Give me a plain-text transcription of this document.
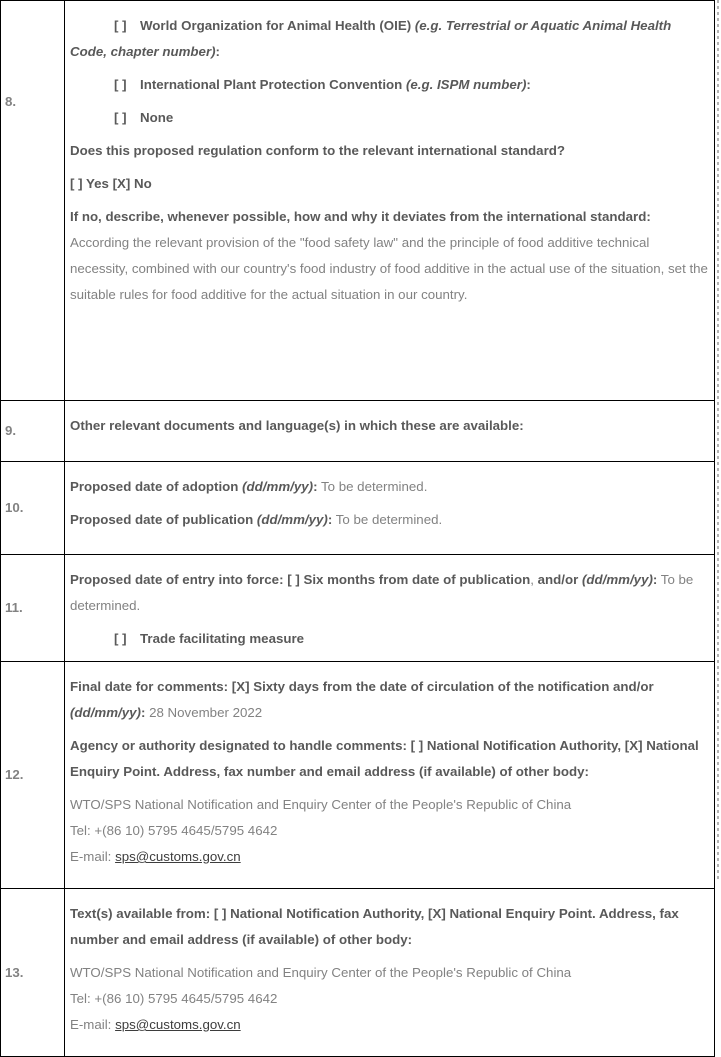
8.	

[ ] World Organization for Animal Health (OIE) (e.g. Terrestrial or Aquatic Animal Health Code, chapter number):

[ ] International Plant Protection Convention (e.g. ISPM number):

[ ] None

Does this proposed regulation conform to the relevant international standard?

[ ] Yes [X] No

If no, describe, whenever possible, how and why it deviates from the international standard: According the relevant provision of the "food safety law" and the principle of food additive technical necessity, combined with our country's food industry of food additive in the actual use of the situation, set the suitable rules for food additive for the actual situation in our country.

9.	Other relevant documents and language(s) in which these are available:

10.	Proposed date of adoption (dd/mm/yy): To be determined.

Proposed date of publication (dd/mm/yy): To be determined.

11.	Proposed date of entry into force: [ ] Six months from date of publication, and/or (dd/mm/yy): To be determined.

[ ] Trade facilitating measure

12.	Final date for comments: [X] Sixty days from the date of circulation of the notification and/or (dd/mm/yy): 28 November 2022

Agency or authority designated to handle comments: [ ] National Notification Authority, [X] National Enquiry Point. Address, fax number and email address (if available) of other body:

WTO/SPS National Notification and Enquiry Center of the People's Republic of China
Tel: +(86 10) 5795 4645/5795 4642
E-mail: sps@customs.gov.cn

13.	Text(s) available from: [ ] National Notification Authority, [X] National Enquiry Point. Address, fax number and email address (if available) of other body:

WTO/SPS National Notification and Enquiry Center of the People's Republic of China
Tel: +(86 10) 5795 4645/5795 4642
E-mail: sps@customs.gov.cn
